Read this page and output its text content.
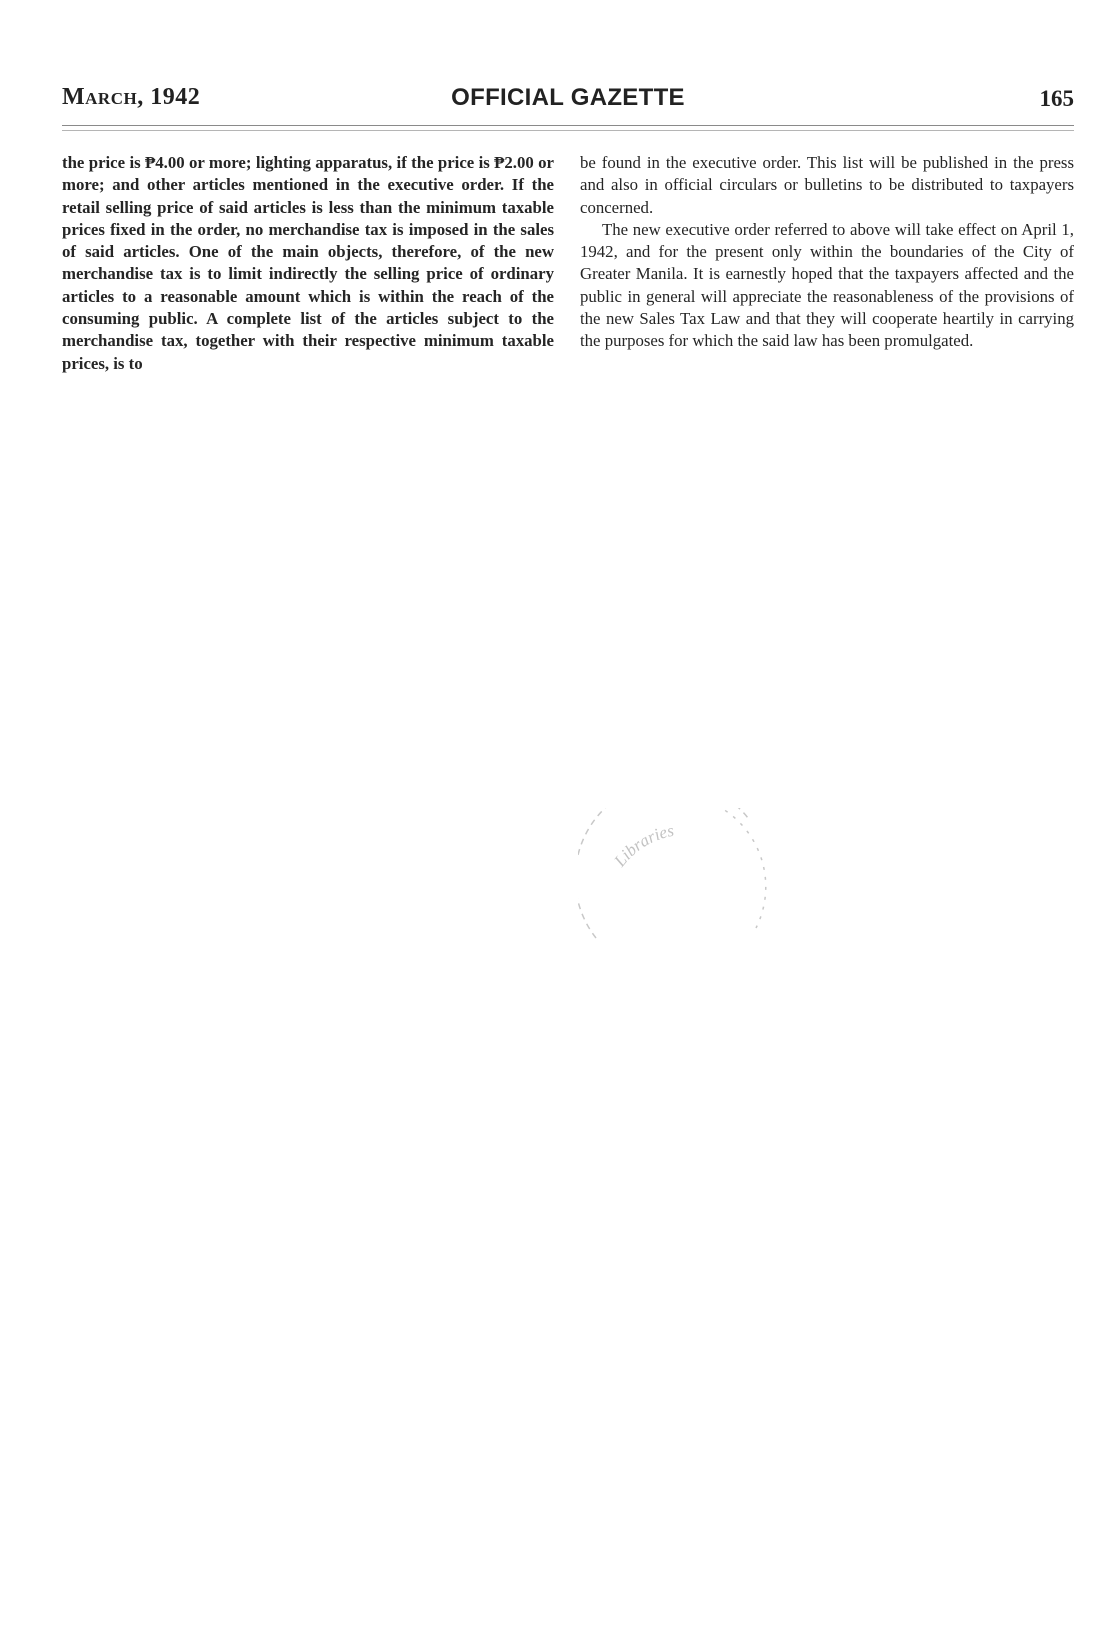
March, 1942	OFFICIAL GAZETTE	165

the price is ₱4.00 or more; lighting apparatus, if the price is ₱2.00 or more; and other articles mentioned in the executive order. If the retail selling price of said articles is less than the minimum taxable prices fixed in the order, no merchandise tax is imposed in the sales of said articles. One of the main objects, therefore, of the new merchandise tax is to limit indirectly the selling price of ordinary articles to a reasonable amount which is within the reach of the consuming public. A complete list of the articles subject to the merchandise tax, together with their respective minimum taxable prices, is to

be found in the executive order. This list will be published in the press and also in official circulars or bulletins to be distributed to taxpayers concerned.

The new executive order referred to above will take effect on April 1, 1942, and for the present only within the boundaries of the City of Greater Manila. It is earnestly hoped that the taxpayers affected and the public in general will appreciate the reasonableness of the provisions of the new Sales Tax Law and that they will cooperate heartily in carrying the purposes for which the said law has been promulgated.

Libraries
